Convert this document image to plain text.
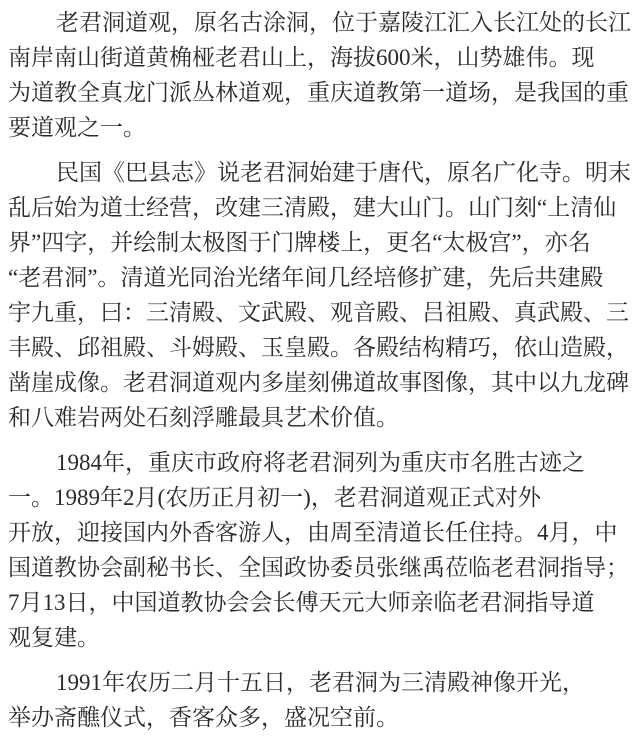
老君洞道观，原名古涂洞，位于嘉陵江汇入长江处的长江
南岸南山街道黄桷桠老君山上，海拔600米，山势雄伟。现
为道教全真龙门派丛林道观，重庆道教第一道场，是我国的重
要道观之一。

民国《巴县志》说老君洞始建于唐代，原名广化寺。明末
乱后始为道士经营，改建三清殿，建大山门。山门刻“上清仙
界”四字，并绘制太极图于门牌楼上，更名“太极宫”，亦名
“老君洞”。清道光同治光绪年间几经培修扩建，先后共建殿
宇九重，曰：三清殿、文武殿、观音殿、吕祖殿、真武殿、三
丰殿、邱祖殿、斗姆殿、玉皇殿。各殿结构精巧，依山造殿，
凿崖成像。老君洞道观内多崖刻佛道故事图像，其中以九龙碑
和八难岩两处石刻浮雕最具艺术价值。

1984年，重庆市政府将老君洞列为重庆市名胜古迹之
一。1989年2月(农历正月初一)，老君洞道观正式对外
开放，迎接国内外香客游人，由周至清道长任住持。4月，中
国道教协会副秘书长、全国政协委员张继禹莅临老君洞指导；
7月13日，中国道教协会会长傅天元大师亲临老君洞指导道
观复建。

1991年农历二月十五日，老君洞为三清殿神像开光，
举办斋醮仪式，香客众多，盛况空前。
